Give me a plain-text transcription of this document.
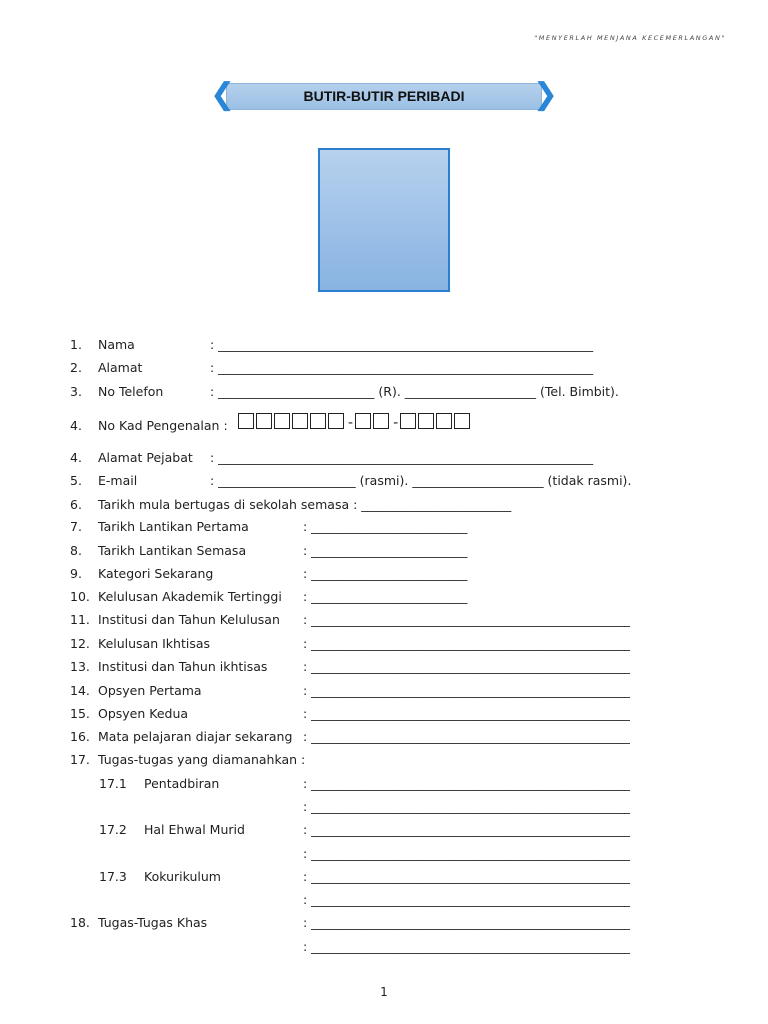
"MENYERLAH MENJANA KECEMERLANGAN"
❮	❯
BUTIR-BUTIR PERIBADI
1. Nama	: ____________________________________________________________
2. Alamat	: ____________________________________________________________
3. No Telefon	: _________________________ (R). _____________________ (Tel. Bimbit).
4. No Kad Pengenalan :	-	-
4. Alamat Pejabat : ____________________________________________________________
5. E-mail	: ______________________ (rasmi). _____________________ (tidak rasmi).
6. Tarikh mula bertugas di sekolah semasa : ________________________
7. Tarikh Lantikan Pertama	: _________________________
8. Tarikh Lantikan Semasa	: _________________________
9. Kategori Sekarang	: _________________________
10. Kelulusan Akademik Tertinggi : _________________________
11. Institusi dan Tahun Kelulusan : ___________________________________________________
12. Kelulusan Ikhtisas	: ___________________________________________________
13. Institusi dan Tahun ikhtisas	: ___________________________________________________
14. Opsyen Pertama	: ___________________________________________________
15. Opsyen Kedua	: ___________________________________________________
16. Mata pelajaran diajar sekarang : ___________________________________________________
17. Tugas-tugas yang diamanahkan :
17.1 Pentadbiran	: ___________________________________________________
: ___________________________________________________
17.2 Hal Ehwal Murid	: ___________________________________________________
: ___________________________________________________
17.3 Kokurikulum	: ___________________________________________________
: ___________________________________________________
18. Tugas-Tugas Khas	: ___________________________________________________
: ___________________________________________________
1
